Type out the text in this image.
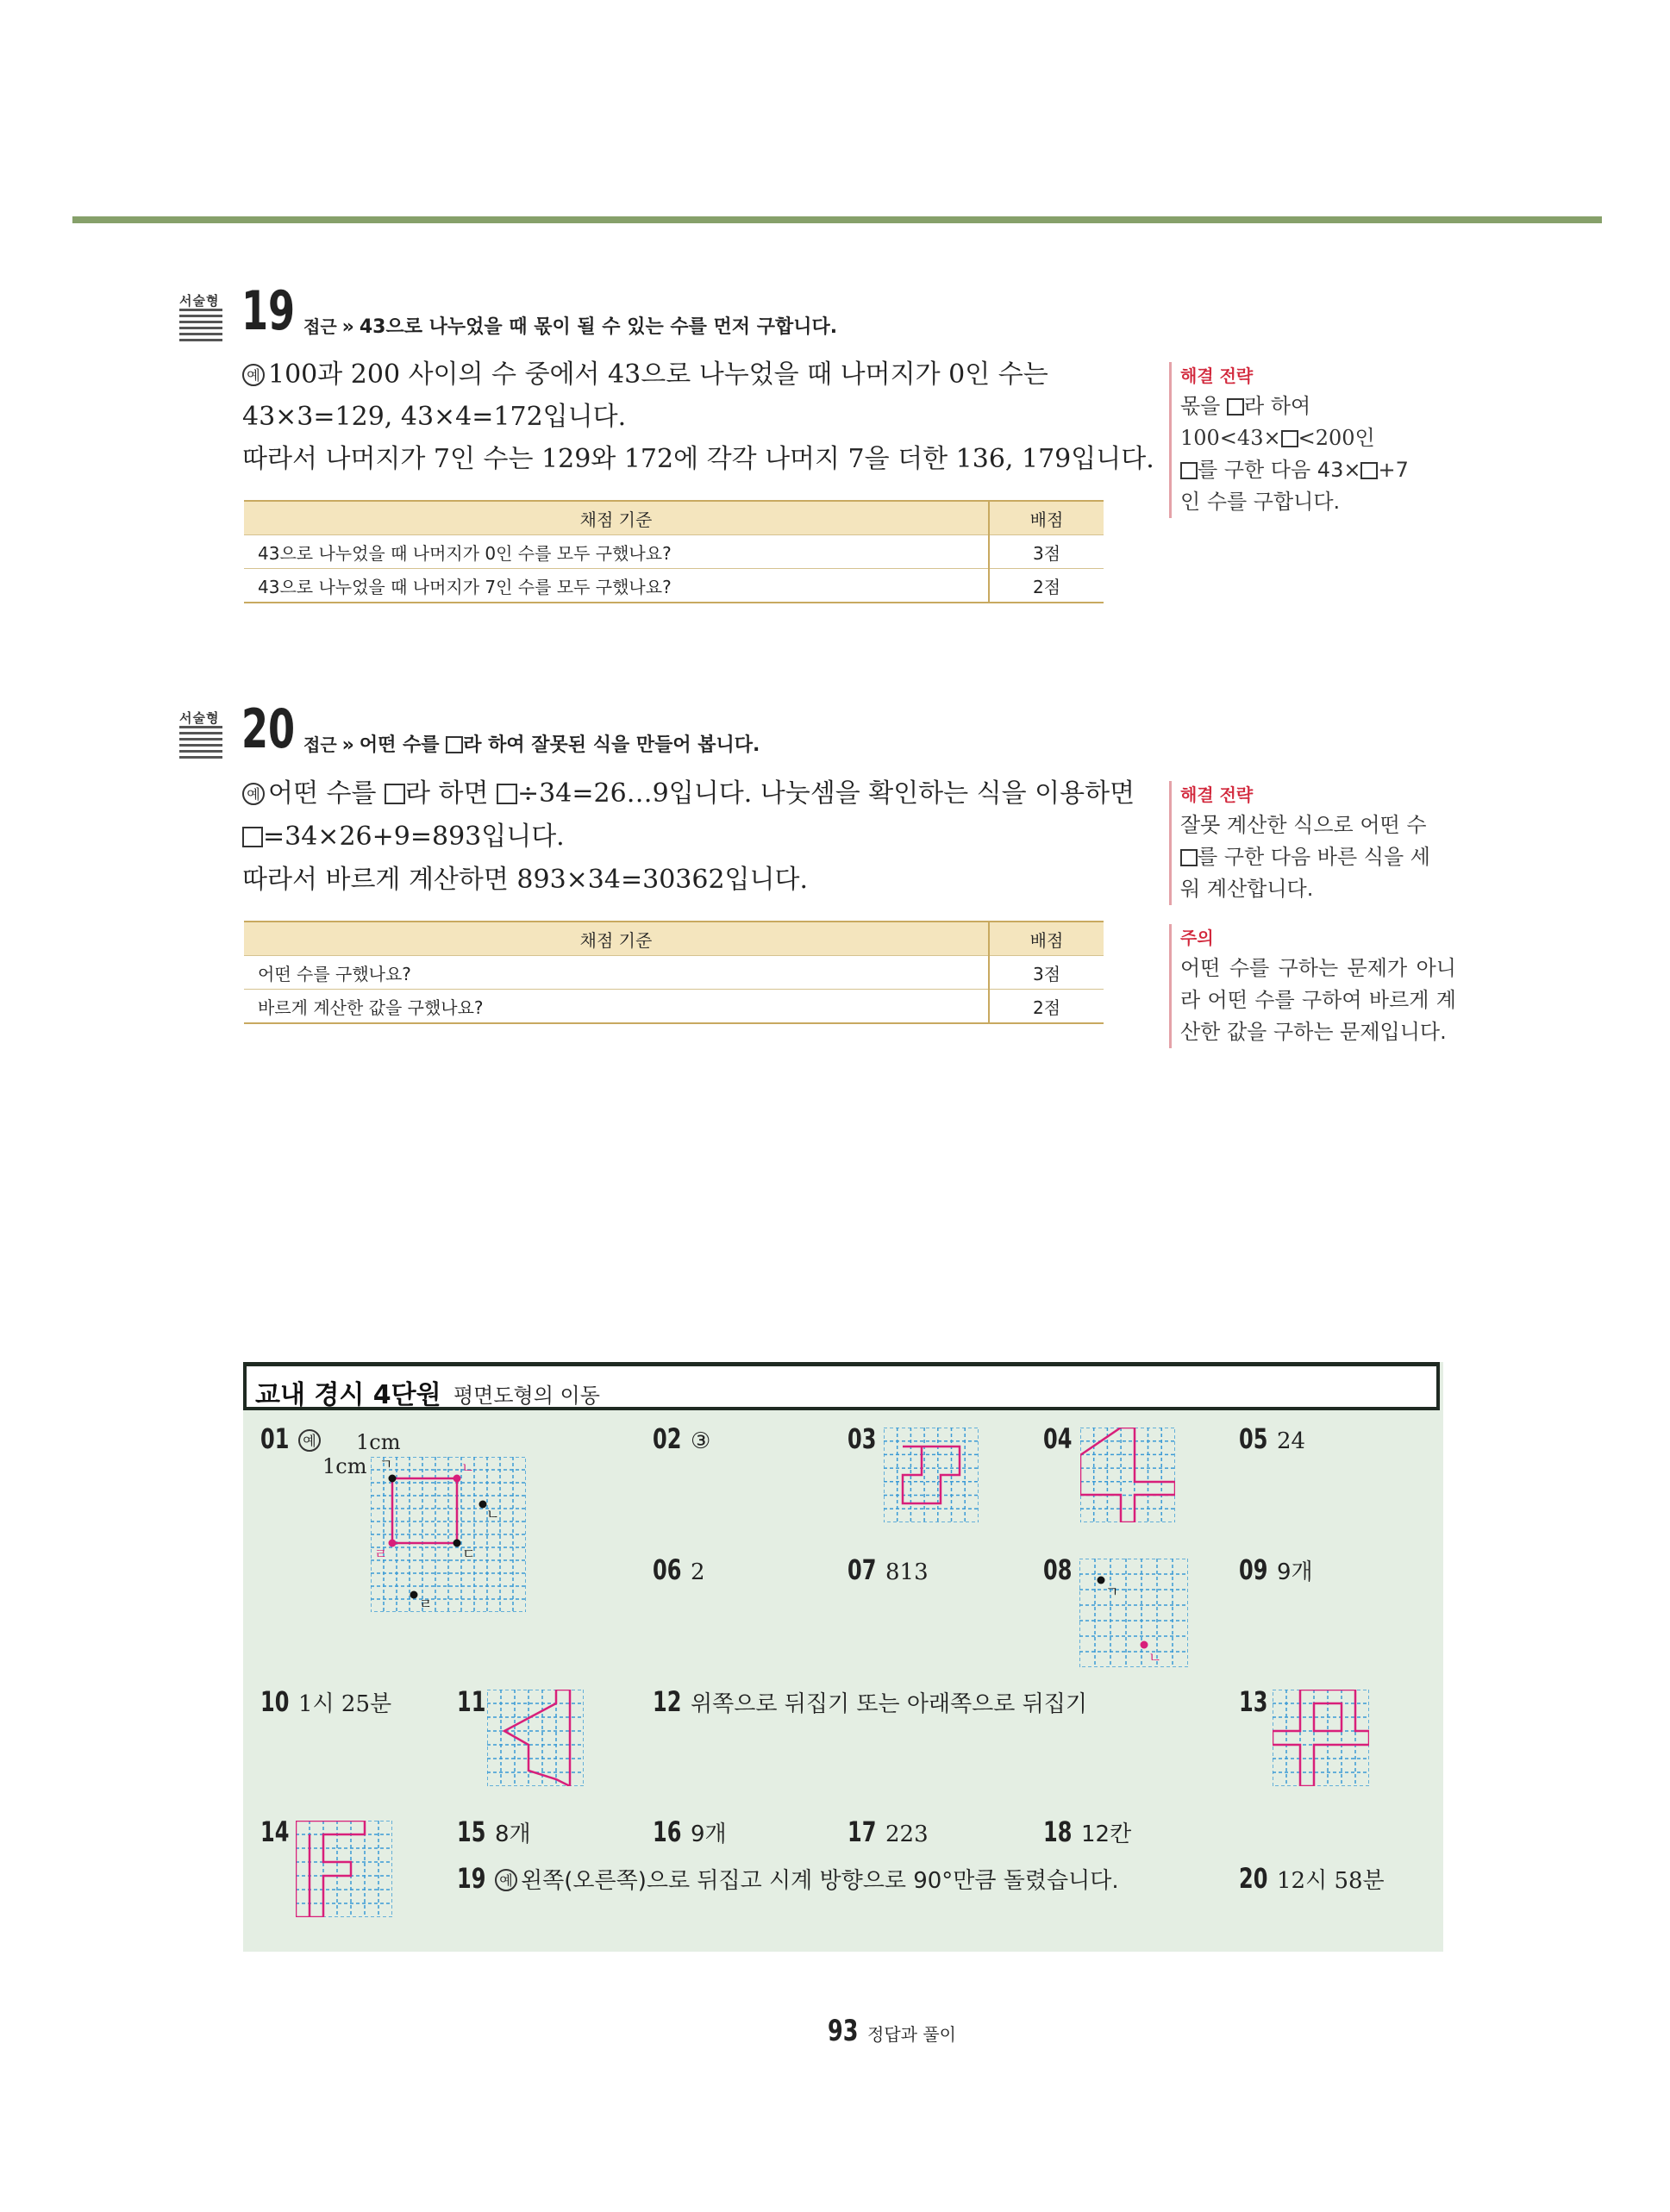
서술형 19 접근 » 43으로 나누었을 때 몫이 될 수 있는 수를 먼저 구합니다.
예 100과 200 사이의 수 중에서 43으로 나누었을 때 나머지가 0인 수는
43×3=129, 43×4=172입니다.
따라서 나머지가 7인 수는 129와 172에 각각 나머지 7을 더한 136, 179입니다.
채점 기준	배점
43으로 나누었을 때 나머지가 0인 수를 모두 구했나요?	3점
43으로 나누었을 때 나머지가 7인 수를 모두 구했나요?	2점
해결 전략
몫을 라 하여
100<43× <200인
를 구한 다음 43× +7
인 수를 구합니다.
서술형 20 접근 » 어떤 수를 라 하여 잘못된 식을 만들어 봅니다.
예 어떤 수를 라 하면 ÷34=26…9입니다. 나눗셈을 확인하는 식을 이용하면
=34×26+9=893입니다.
따라서 바르게 계산하면 893×34=30362입니다.
채점 기준	배점
어떤 수를 구했나요?	3점
바르게 계산한 값을 구했나요?	2점
해결 전략
잘못 계산한 식으로 어떤 수
를 구한 다음 바른 식을 세
워 계산합니다.
주의
어떤 수를 구하는 문제가 아니라 어떤 수를 구하여 바르게 계산한 값을 구하는 문제입니다.
교내 경시 4단원 평면도형의 이동
01 예	1cm
1cm ㄱ	ㄴ
ㄷ
ㄹ
ㄴ
ㄹ
02 ③	03	04	05 24
06 2	07 813	08
ㄱ
ㄴ
09 9개
10 1시 25분 11	12 위쪽으로 뒤집기 또는 아래쪽으로 뒤집기	13
14	15 8개	16 9개	17 223	18 12칸
19 예 왼쪽(오른쪽)으로 뒤집고 시계 방향으로 90°만큼 돌렸습니다.	20 12시 58분
93 정답과 풀이
